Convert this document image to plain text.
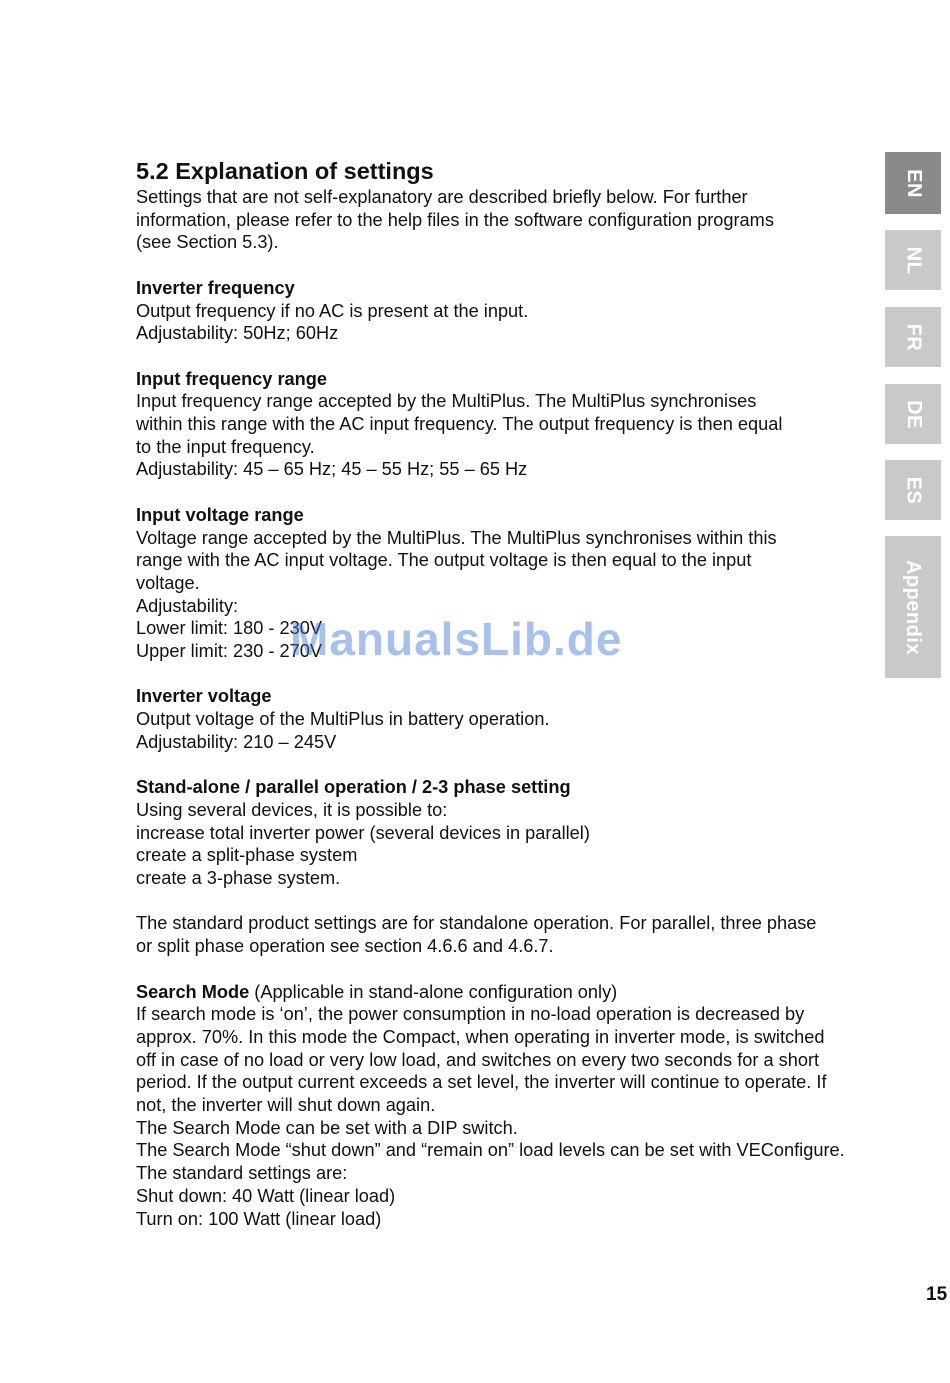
5.2 Explanation of settings

Settings that are not self-explanatory are described briefly below. For further

information, please refer to the help files in the software configuration programs

(see Section 5.3).

Inverter frequency

Output frequency if no AC is present at the input.

Adjustability: 50Hz; 60Hz

Input frequency range

Input frequency range accepted by the MultiPlus. The MultiPlus synchronises

within this range with the AC input frequency. The output frequency is then equal

to the input frequency.

Adjustability: 45 – 65 Hz; 45 – 55 Hz; 55 – 65 Hz

Input voltage range

Voltage range accepted by the MultiPlus. The MultiPlus synchronises within this

range with the AC input voltage. The output voltage is then equal to the input

voltage.

Adjustability:

Lower limit: 180 - 230V

Upper limit: 230 - 270V

Inverter voltage

Output voltage of the MultiPlus in battery operation.

Adjustability: 210 – 245V

Stand-alone / parallel operation / 2-3 phase setting

Using several devices, it is possible to:

increase total inverter power (several devices in parallel)

create a split-phase system

create a 3-phase system.

The standard product settings are for standalone operation. For parallel, three phase

or split phase operation see section 4.6.6 and 4.6.7.

Search Mode (Applicable in stand-alone configuration only)

If search mode is ‘on’, the power consumption in no-load operation is decreased by

approx. 70%. In this mode the Compact, when operating in inverter mode, is switched

off in case of no load or very low load, and switches on every two seconds for a short

period. If the output current exceeds a set level, the inverter will continue to operate. If

not, the inverter will shut down again.

The Search Mode can be set with a DIP switch.

The Search Mode “shut down” and “remain on” load levels can be set with VEConfigure.

The standard settings are:

Shut down: 40 Watt (linear load)

Turn on: 100 Watt (linear load)

EN
NL
FR
DE
ES
Appendix
ManualsLib.de
15
